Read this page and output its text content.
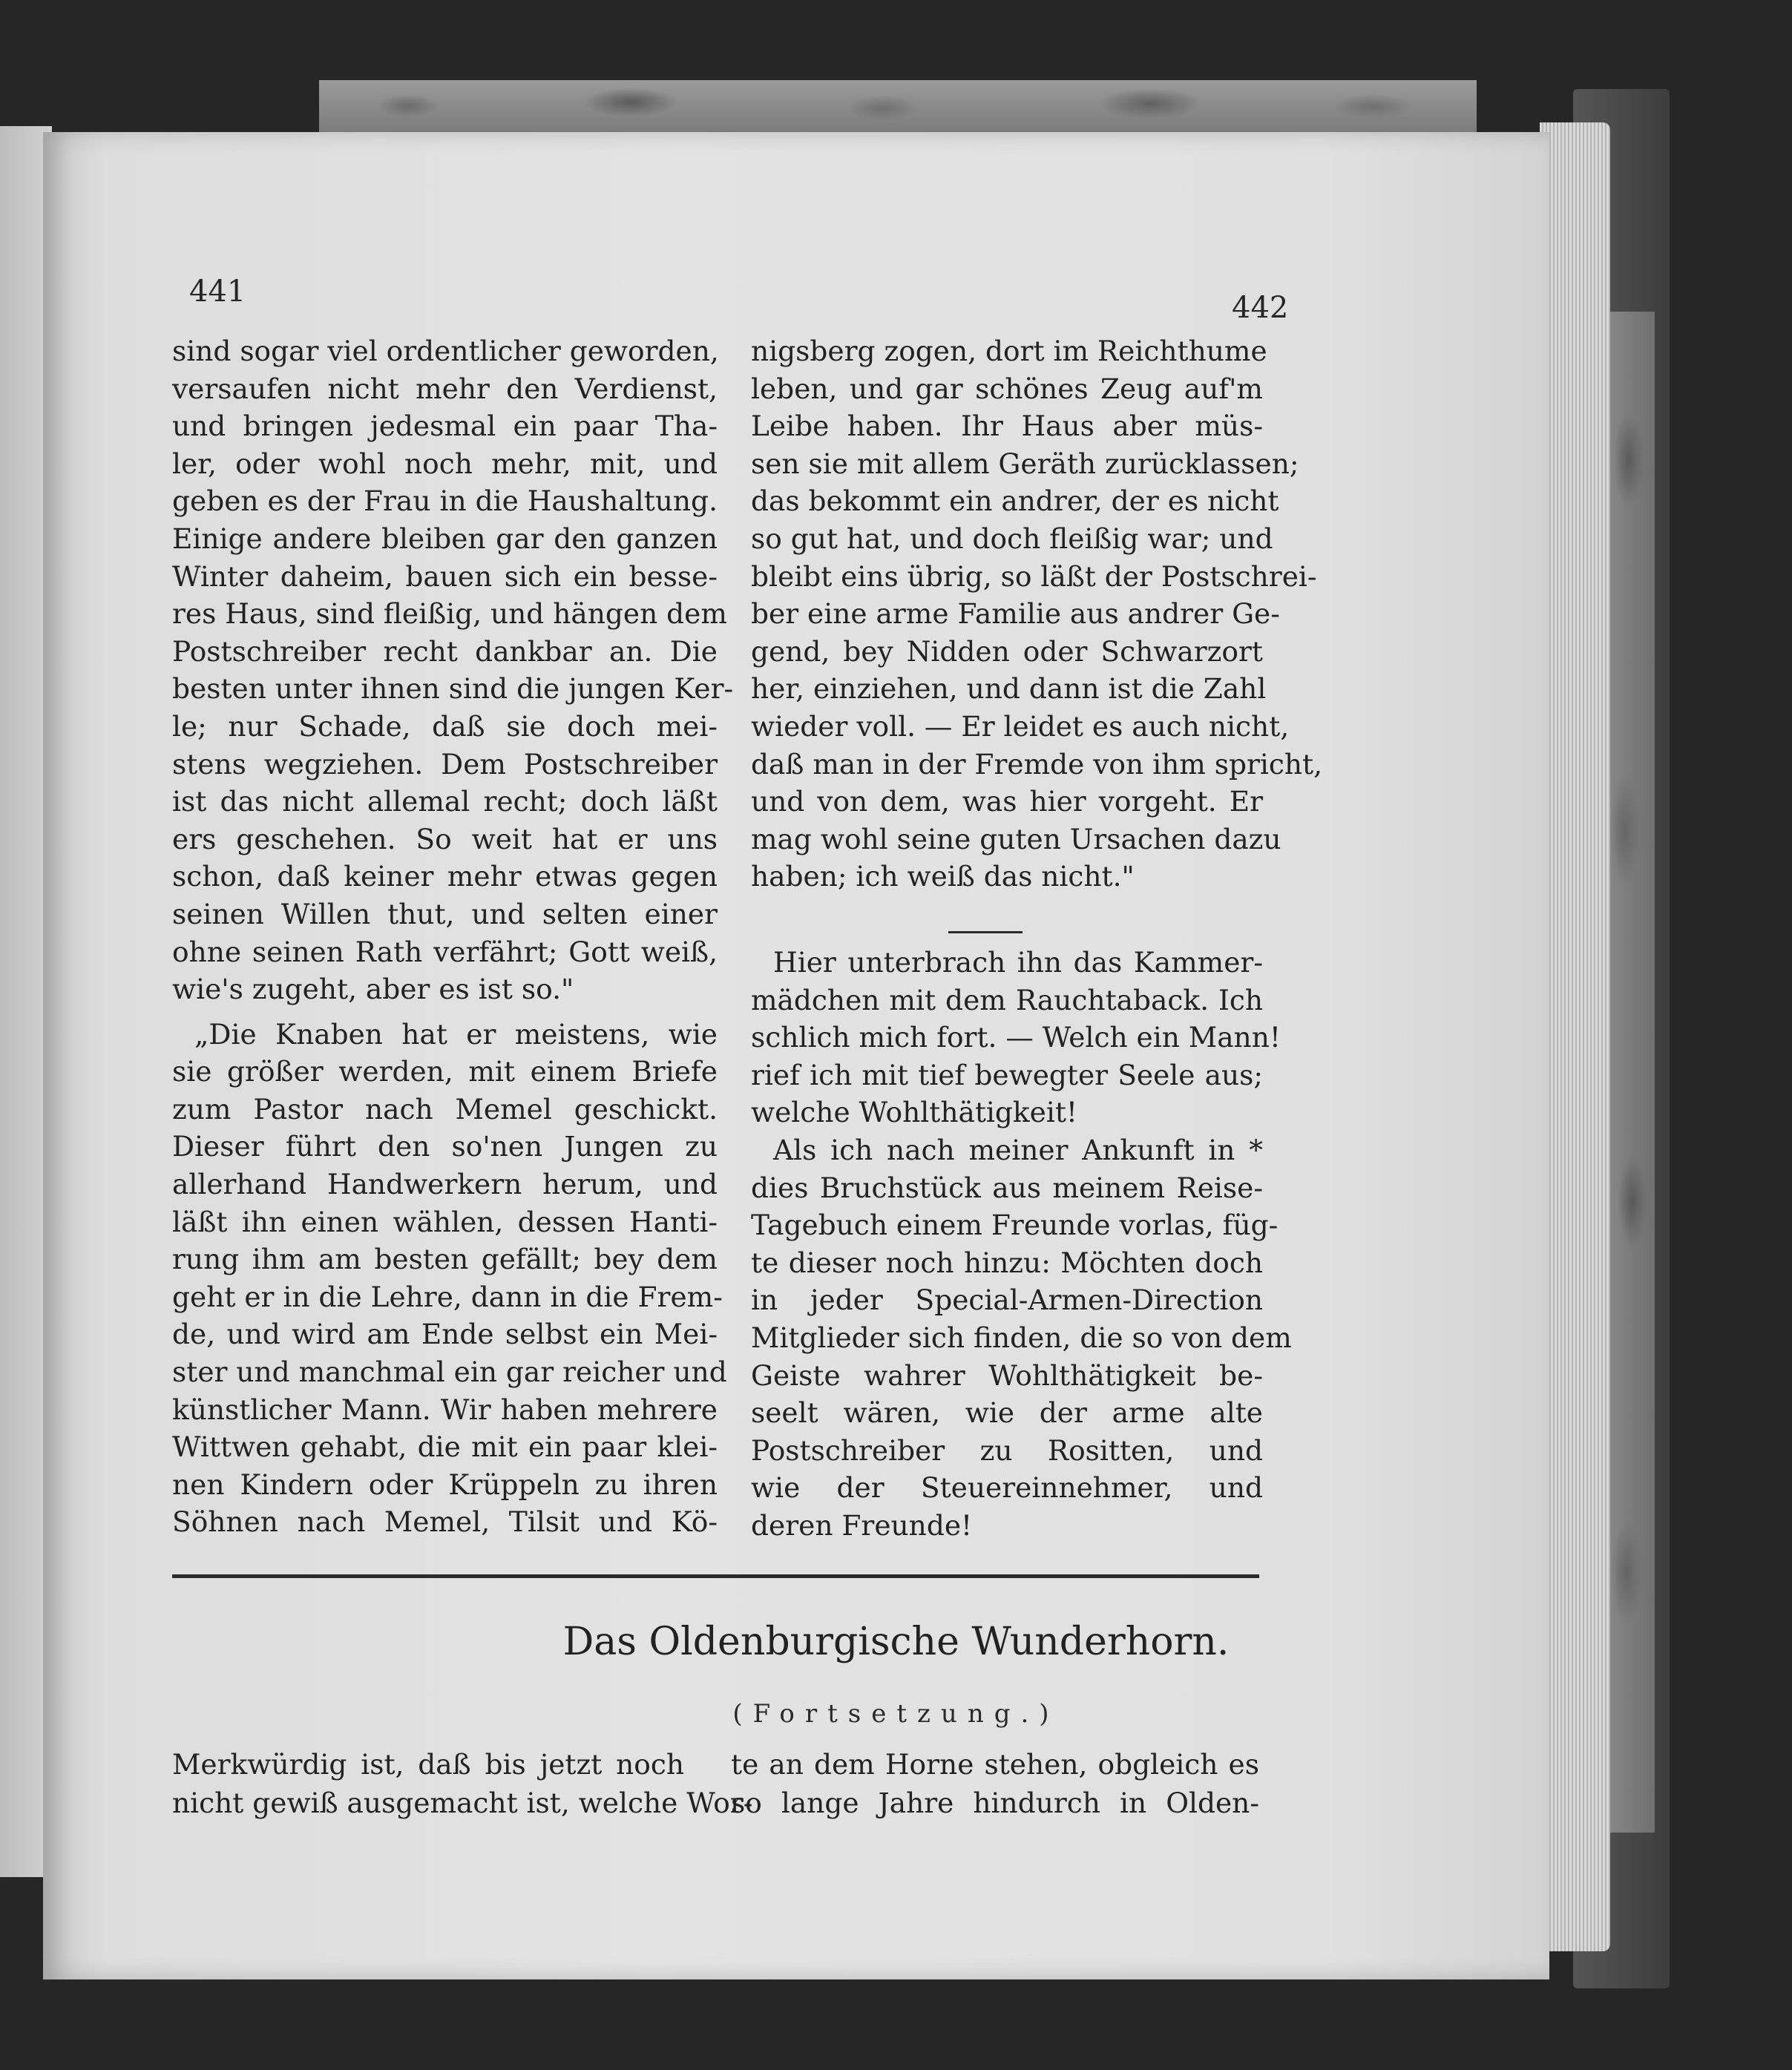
441	442
sind sogar viel ordentlicher geworden,
versaufen nicht mehr den Verdienst,
und bringen jedesmal ein paar Tha-
ler, oder wohl noch mehr, mit, und
geben es der Frau in die Haushaltung.
Einige andere bleiben gar den ganzen
Winter daheim, bauen sich ein besse-
res Haus, sind fleißig, und hängen dem
Postschreiber recht dankbar an. Die
besten unter ihnen sind die jungen Ker-
le; nur Schade, daß sie doch mei-
stens wegziehen. Dem Postschreiber
ist das nicht allemal recht; doch läßt
ers geschehen. So weit hat er uns
schon, daß keiner mehr etwas gegen
seinen Willen thut, und selten einer
ohne seinen Rath verfährt; Gott weiß,
wie's zugeht, aber es ist so."
„Die Knaben hat er meistens, wie
sie größer werden, mit einem Briefe
zum Pastor nach Memel geschickt.
Dieser führt den so'nen Jungen zu
allerhand Handwerkern herum, und
läßt ihn einen wählen, dessen Hanti-
rung ihm am besten gefällt; bey dem
geht er in die Lehre, dann in die Frem-
de, und wird am Ende selbst ein Mei-
ster und manchmal ein gar reicher und
künstlicher Mann. Wir haben mehrere
Wittwen gehabt, die mit ein paar klei-
nen Kindern oder Krüppeln zu ihren
Söhnen nach Memel, Tilsit und Kö-
nigsberg zogen, dort im Reichthume
leben, und gar schönes Zeug auf'm
Leibe haben. Ihr Haus aber müs-
sen sie mit allem Geräth zurücklassen;
das bekommt ein andrer, der es nicht
so gut hat, und doch fleißig war; und
bleibt eins übrig, so läßt der Postschrei-
ber eine arme Familie aus andrer Ge-
gend, bey Nidden oder Schwarzort
her, einziehen, und dann ist die Zahl
wieder voll. — Er leidet es auch nicht,
daß man in der Fremde von ihm spricht,
und von dem, was hier vorgeht. Er
mag wohl seine guten Ursachen dazu
haben; ich weiß das nicht."
Hier unterbrach ihn das Kammer-
mädchen mit dem Rauchtaback. Ich
schlich mich fort. — Welch ein Mann!
rief ich mit tief bewegter Seele aus;
welche Wohlthätigkeit!
Als ich nach meiner Ankunft in *
dies Bruchstück aus meinem Reise-
Tagebuch einem Freunde vorlas, füg-
te dieser noch hinzu: Möchten doch
in jeder Special-Armen-Direction
Mitglieder sich finden, die so von dem
Geiste wahrer Wohlthätigkeit be-
seelt wären, wie der arme alte
Postschreiber zu Rositten, und
wie der Steuereinnehmer, und
deren Freunde!
Das Oldenburgische Wunderhorn.
(Fortsetzung.)
Merkwürdig ist, daß bis jetzt noch
nicht gewiß ausgemacht ist, welche Wor-
te an dem Horne stehen, obgleich es
so lange Jahre hindurch in Olden-
